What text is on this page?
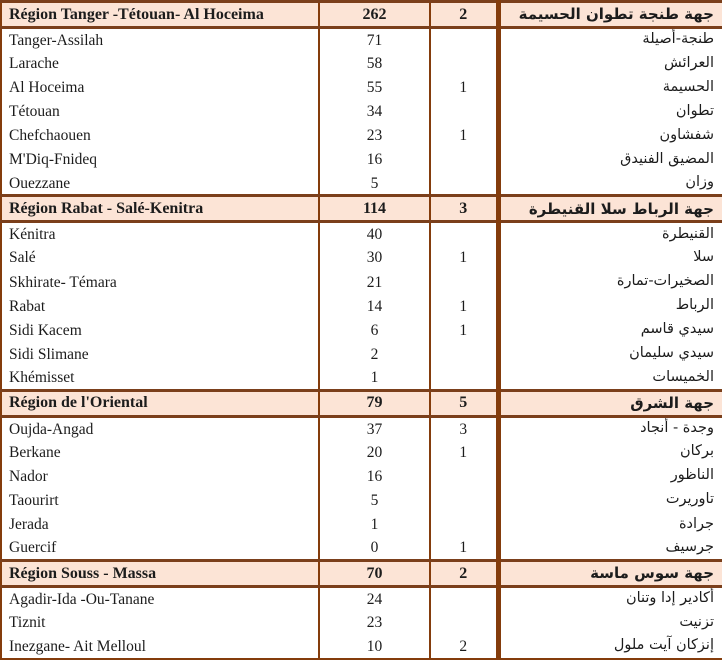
Région Tanger -Tétouan- Al Hoceima	262	2	جهة طنجة تطوان الحسيمة
Tanger-Assilah	71		طنجة-أصيلة
Larache	58		العرائش
Al Hoceima	55	1	الحسيمة
Tétouan	34		تطوان
Chefchaouen	23	1	شفشاون
M'Diq-Fnideq	16		المضيق الفنيدق
Ouezzane	5		وزان
Région Rabat - Salé-Kenitra	114	3	جهة الرباط سلا القنيطرة
Kénitra	40		القنيطرة
Salé	30	1	سلا
Skhirate- Témara	21		الصخيرات-تمارة
Rabat	14	1	الرباط
Sidi Kacem	6	1	سيدي قاسم
Sidi Slimane	2		سيدي سليمان
Khémisset	1		الخميسات
Région de l'Oriental	79	5	جهة الشرق
Oujda-Angad	37	3	وجدة - أنجاد
Berkane	20	1	بركان
Nador	16		الناظور
Taourirt	5		تاوريرت
Jerada	1		جرادة
Guercif	0	1	جرسيف
Région Souss - Massa	70	2	جهة سوس ماسة
Agadir-Ida -Ou-Tanane	24		أكادير إدا وتنان
Tiznit	23		تزنيت
Inezgane- Ait Melloul	10	2	إنزكان آيت ملول
